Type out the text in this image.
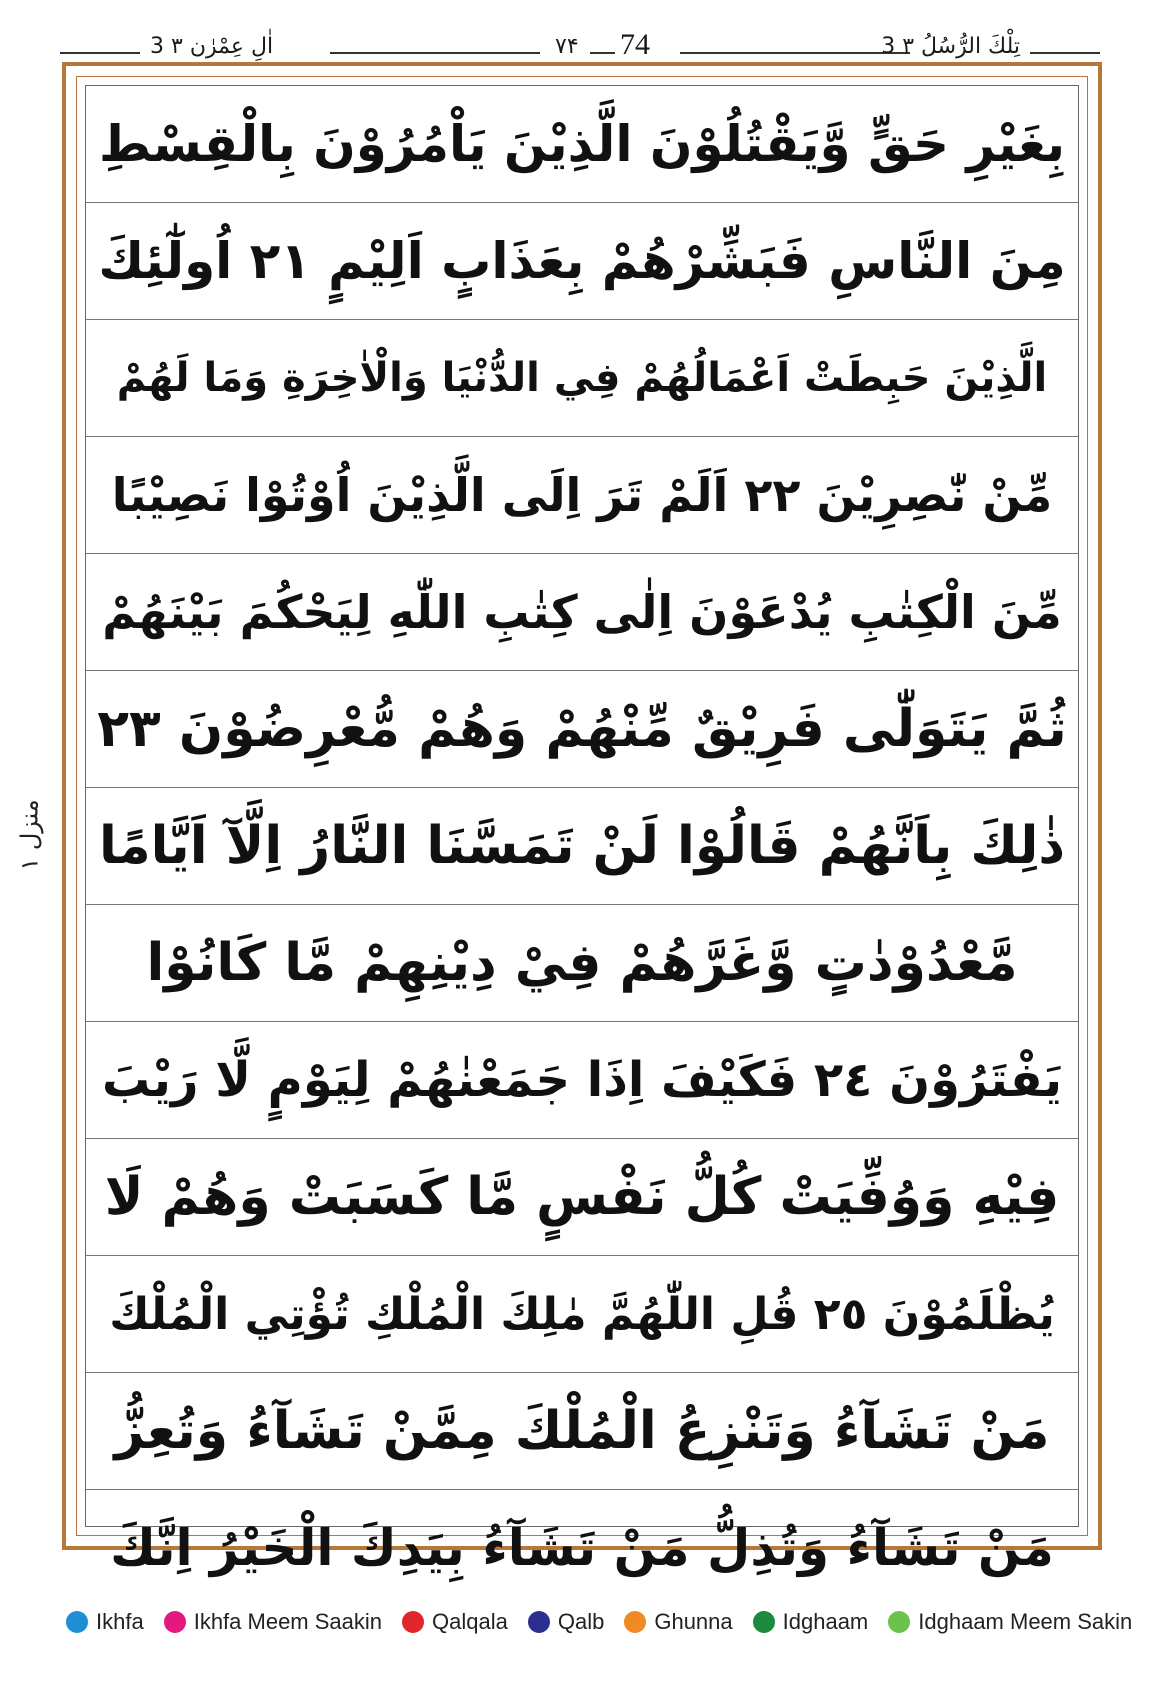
3 اٰلِ عِمْرٰن ٣	۷۴ 74	3 تِلْكَ الرُّسُلُ ٣
منزل ١
بِغَيْرِ حَقٍّ وَّيَقْتُلُوْنَ الَّذِيْنَ يَاْمُرُوْنَ بِالْقِسْطِ
مِنَ النَّاسِ فَبَشِّرْهُمْ بِعَذَابٍ اَلِيْمٍ ٢١ اُولٰٓئِكَ
الَّذِيْنَ حَبِطَتْ اَعْمَالُهُمْ فِي الدُّنْيَا وَالْاٰخِرَةِ وَمَا لَهُمْ
مِّنْ نّٰصِرِيْنَ ٢٢ اَلَمْ تَرَ اِلَى الَّذِيْنَ اُوْتُوْا نَصِيْبًا
مِّنَ الْكِتٰبِ يُدْعَوْنَ اِلٰى كِتٰبِ اللّٰهِ لِيَحْكُمَ بَيْنَهُمْ
ثُمَّ يَتَوَلّٰى فَرِيْقٌ مِّنْهُمْ وَهُمْ مُّعْرِضُوْنَ ٢٣
ذٰلِكَ بِاَنَّهُمْ قَالُوْا لَنْ تَمَسَّنَا النَّارُ اِلَّآ اَيَّامًا
مَّعْدُوْدٰتٍ وَّغَرَّهُمْ فِيْ دِيْنِهِمْ مَّا كَانُوْا
يَفْتَرُوْنَ ٢٤ فَكَيْفَ اِذَا جَمَعْنٰهُمْ لِيَوْمٍ لَّا رَيْبَ
فِيْهِ وَوُفِّيَتْ كُلُّ نَفْسٍ مَّا كَسَبَتْ وَهُمْ لَا
يُظْلَمُوْنَ ٢٥ قُلِ اللّٰهُمَّ مٰلِكَ الْمُلْكِ تُؤْتِي الْمُلْكَ
مَنْ تَشَآءُ وَتَنْزِعُ الْمُلْكَ مِمَّنْ تَشَآءُ وَتُعِزُّ
مَنْ تَشَآءُ وَتُذِلُّ مَنْ تَشَآءُ بِيَدِكَ الْخَيْرُ اِنَّكَ
Ikhfa Ikhfa Meem Saakin Qalqala Qalb Ghunna Idghaam Idghaam Meem Sakin
